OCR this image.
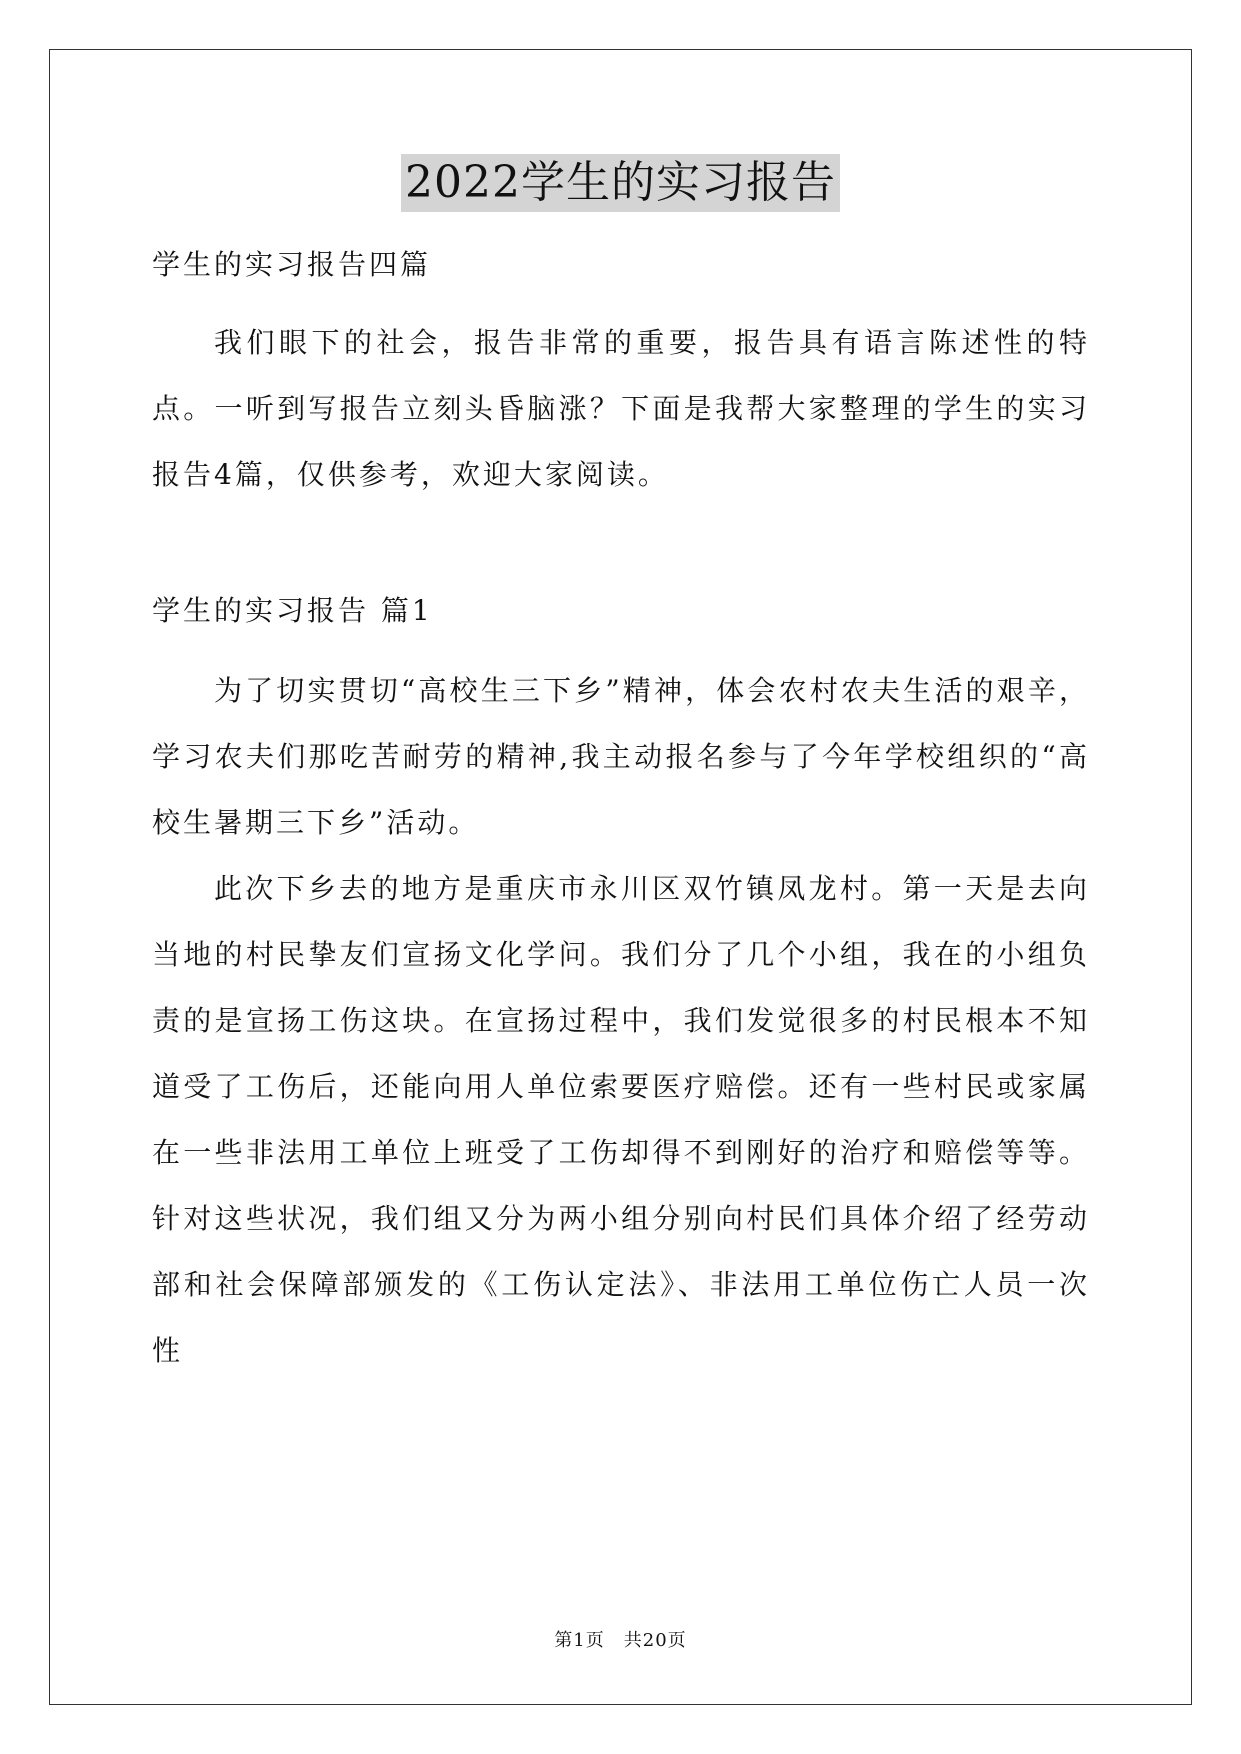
2022学生的实习报告

学生的实习报告四篇

我们眼下的社会，报告非常的重要，报告具有语言陈述性的特点。一听到写报告立刻头昏脑涨？下面是我帮大家整理的学生的实习报告4篇，仅供参考，欢迎大家阅读。

学生的实习报告 篇1

为了切实贯切“高校生三下乡”精神，体会农村农夫生活的艰辛，学习农夫们那吃苦耐劳的精神,我主动报名参与了今年学校组织的“高校生暑期三下乡”活动。

此次下乡去的地方是重庆市永川区双竹镇凤龙村。第一天是去向当地的村民挚友们宣扬文化学问。我们分了几个小组，我在的小组负责的是宣扬工伤这块。在宣扬过程中，我们发觉很多的村民根本不知道受了工伤后，还能向用人单位索要医疗赔偿。还有一些村民或家属在一些非法用工单位上班受了工伤却得不到刚好的治疗和赔偿等等。针对这些状况，我们组又分为两小组分别向村民们具体介绍了经劳动部和社会保障部颁发的《工伤认定法》、非法用工单位伤亡人员一次性

第1页　共20页
